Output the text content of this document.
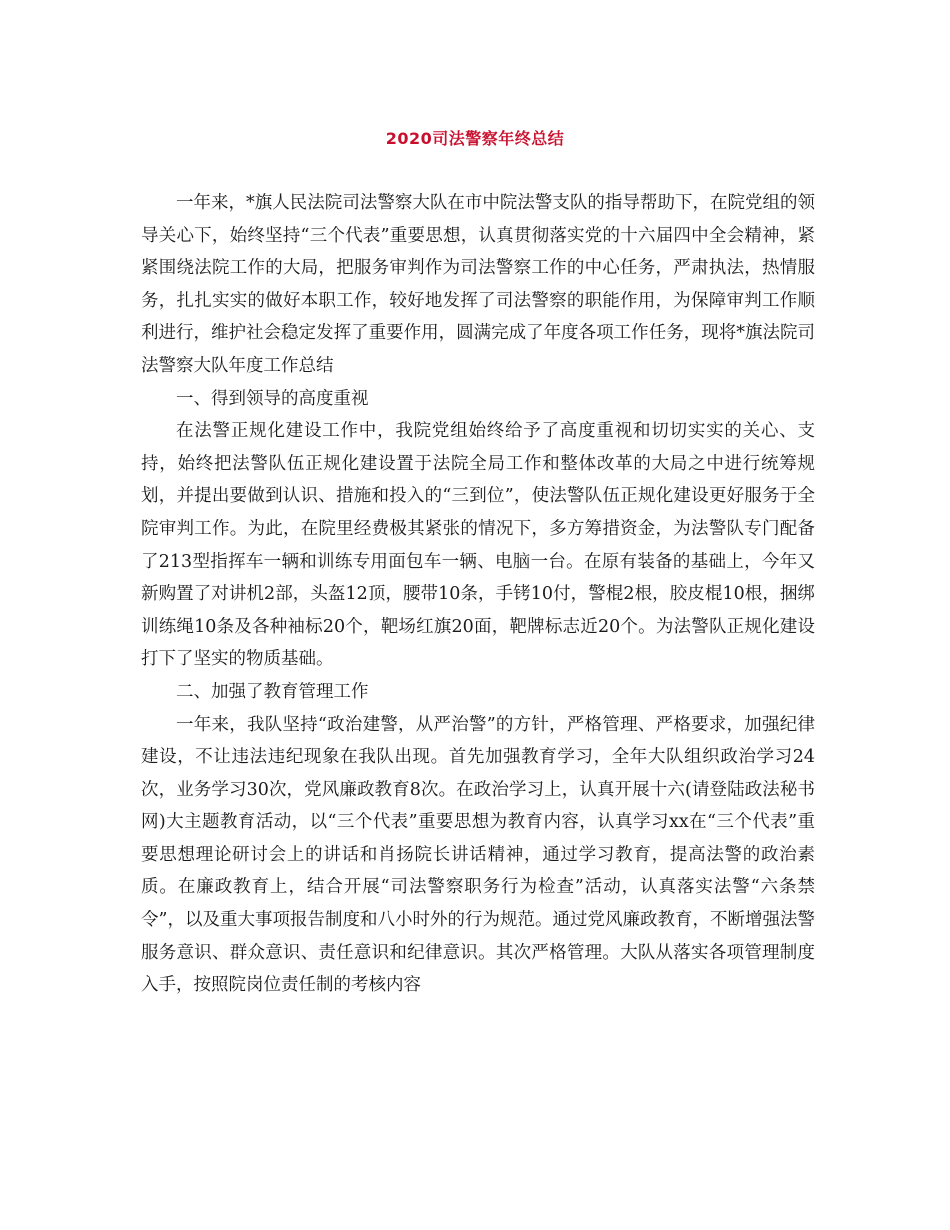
2020司法警察年终总结

一年来，*旗人民法院司法警察大队在市中院法警支队的指导帮助下，在院党组的领导关心下，始终坚持“三个代表”重要思想，认真贯彻落实党的十六届四中全会精神，紧紧围绕法院工作的大局，把服务审判作为司法警察工作的中心任务，严肃执法，热情服务，扎扎实实的做好本职工作，较好地发挥了司法警察的职能作用，为保障审判工作顺利进行，维护社会稳定发挥了重要作用，圆满完成了年度各项工作任务，现将*旗法院司法警察大队年度工作总结

一、得到领导的高度重视

在法警正规化建设工作中，我院党组始终给予了高度重视和切切实实的关心、支持，始终把法警队伍正规化建设置于法院全局工作和整体改革的大局之中进行统筹规划，并提出要做到认识、措施和投入的“三到位”，使法警队伍正规化建设更好服务于全院审判工作。为此，在院里经费极其紧张的情况下，多方筹措资金，为法警队专门配备了213型指挥车一辆和训练专用面包车一辆、电脑一台。在原有装备的基础上，今年又新购置了对讲机2部，头盔12顶，腰带10条，手铐10付，警棍2根，胶皮棍10根，捆绑训练绳10条及各种袖标20个，靶场红旗20面，靶牌标志近20个。为法警队正规化建设打下了坚实的物质基础。

二、加强了教育管理工作

一年来，我队坚持“政治建警，从严治警”的方针，严格管理、严格要求，加强纪律建设，不让违法违纪现象在我队出现。首先加强教育学习，全年大队组织政治学习24次，业务学习30次，党风廉政教育8次。在政治学习上，认真开展十六(请登陆政法秘书网)大主题教育活动，以“三个代表”重要思想为教育内容，认真学习xx在“三个代表”重要思想理论研讨会上的讲话和肖扬院长讲话精神，通过学习教育，提高法警的政治素质。在廉政教育上，结合开展“司法警察职务行为检查”活动，认真落实法警“六条禁令”，以及重大事项报告制度和八小时外的行为规范。通过党风廉政教育，不断增强法警服务意识、群众意识、责任意识和纪律意识。其次严格管理。大队从落实各项管理制度入手，按照院岗位责任制的考核内容
